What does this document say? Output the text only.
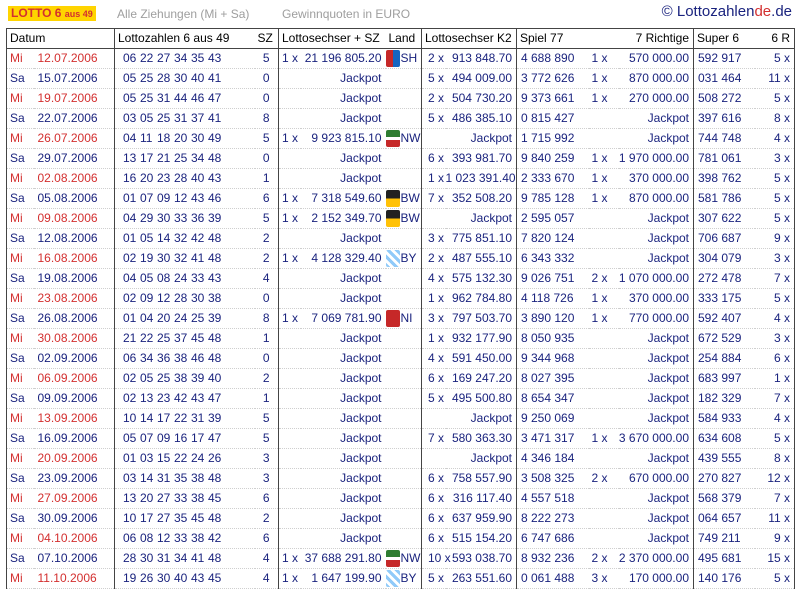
LOTTO 6 aus 49 Alle Ziehungen (Mi + Sa)	Gewinnquoten in EURO	© Lottozahlende.de
Datum		Lottozahlen 6 aus 49	SZ	Lottosechser + SZ		Land	Lottosechser K2		Spiel 77	7 Richtige		Super 6	6 R
Mi	12.07.2006	06 22 27 34 35 43	5	1 x	21 196 805.20	SH	2 x	913 848.70	4 688 890	1 x	570 000.00	592 917	5 x
Sa	15.07.2006	05 25 28 30 40 41	0		Jackpot		5 x	494 009.00	3 772 626	1 x	870 000.00	031 464	11 x
Mi	19.07.2006	05 25 31 44 46 47	0		Jackpot		2 x	504 730.20	9 373 661	1 x	270 000.00	508 272	5 x
Sa	22.07.2006	03 05 25 31 37 41	8		Jackpot		5 x	486 385.10	0 815 427		Jackpot	397 616	8 x
Mi	26.07.2006	04 11 18 20 30 49	5	1 x	9 923 815.10	NW		Jackpot	1 715 992		Jackpot	744 748	4 x
Sa	29.07.2006	13 17 21 25 34 48	0		Jackpot		6 x	393 981.70	9 840 259	1 x	1 970 000.00	781 061	3 x
Mi	02.08.2006	16 20 23 28 40 43	1		Jackpot		1 x	1 023 391.40	2 333 670	1 x	370 000.00	398 762	5 x
Sa	05.08.2006	01 07 09 12 43 46	6	1 x	7 318 549.60	BW	7 x	352 508.20	9 785 128	1 x	870 000.00	581 786	5 x
Mi	09.08.2006	04 29 30 33 36 39	5	1 x	2 152 349.70	BW		Jackpot	2 595 057		Jackpot	307 622	5 x
Sa	12.08.2006	01 05 14 32 42 48	2		Jackpot		3 x	775 851.10	7 820 124		Jackpot	706 687	9 x
Mi	16.08.2006	02 19 30 32 41 48	2	1 x	4 128 329.40	BY	2 x	487 555.10	6 343 332		Jackpot	304 079	3 x
Sa	19.08.2006	04 05 08 24 33 43	4		Jackpot		4 x	575 132.30	9 026 751	2 x	1 070 000.00	272 478	7 x
Mi	23.08.2006	02 09 12 28 30 38	0		Jackpot		1 x	962 784.80	4 118 726	1 x	370 000.00	333 175	5 x
Sa	26.08.2006	01 04 20 24 25 39	8	1 x	7 069 781.90	NI	3 x	797 503.70	3 890 120	1 x	770 000.00	592 407	4 x
Mi	30.08.2006	21 22 25 37 45 48	1		Jackpot		1 x	932 177.90	8 050 935		Jackpot	672 529	3 x
Sa	02.09.2006	06 34 36 38 46 48	0		Jackpot		4 x	591 450.00	9 344 968		Jackpot	254 884	6 x
Mi	06.09.2006	02 05 25 38 39 40	2		Jackpot		6 x	169 247.20	8 027 395		Jackpot	683 997	1 x
Sa	09.09.2006	02 13 23 42 43 47	1		Jackpot		5 x	495 500.80	8 654 347		Jackpot	182 329	7 x
Mi	13.09.2006	10 14 17 22 31 39	5		Jackpot			Jackpot	9 250 069		Jackpot	584 933	4 x
Sa	16.09.2006	05 07 09 16 17 47	5		Jackpot		7 x	580 363.30	3 471 317	1 x	3 670 000.00	634 608	5 x
Mi	20.09.2006	01 03 15 22 24 26	3		Jackpot			Jackpot	4 346 184		Jackpot	439 555	8 x
Sa	23.09.2006	03 14 31 35 38 48	3		Jackpot		6 x	758 557.90	3 508 325	2 x	670 000.00	270 827	12 x
Mi	27.09.2006	13 20 27 33 38 45	6		Jackpot		6 x	316 117.40	4 557 518		Jackpot	568 379	7 x
Sa	30.09.2006	10 17 27 35 45 48	2		Jackpot		6 x	637 959.90	8 222 273		Jackpot	064 657	11 x
Mi	04.10.2006	06 08 12 33 38 42	6		Jackpot		6 x	515 154.20	6 747 686		Jackpot	749 211	9 x
Sa	07.10.2006	28 30 31 34 41 48	4	1 x	37 688 291.80	NW	10 x	593 038.70	8 932 236	2 x	2 370 000.00	495 681	15 x
Mi	11.10.2006	19 26 30 40 43 45	4	1 x	1 647 199.90	BY	5 x	263 551.60	0 061 488	3 x	170 000.00	140 176	5 x
